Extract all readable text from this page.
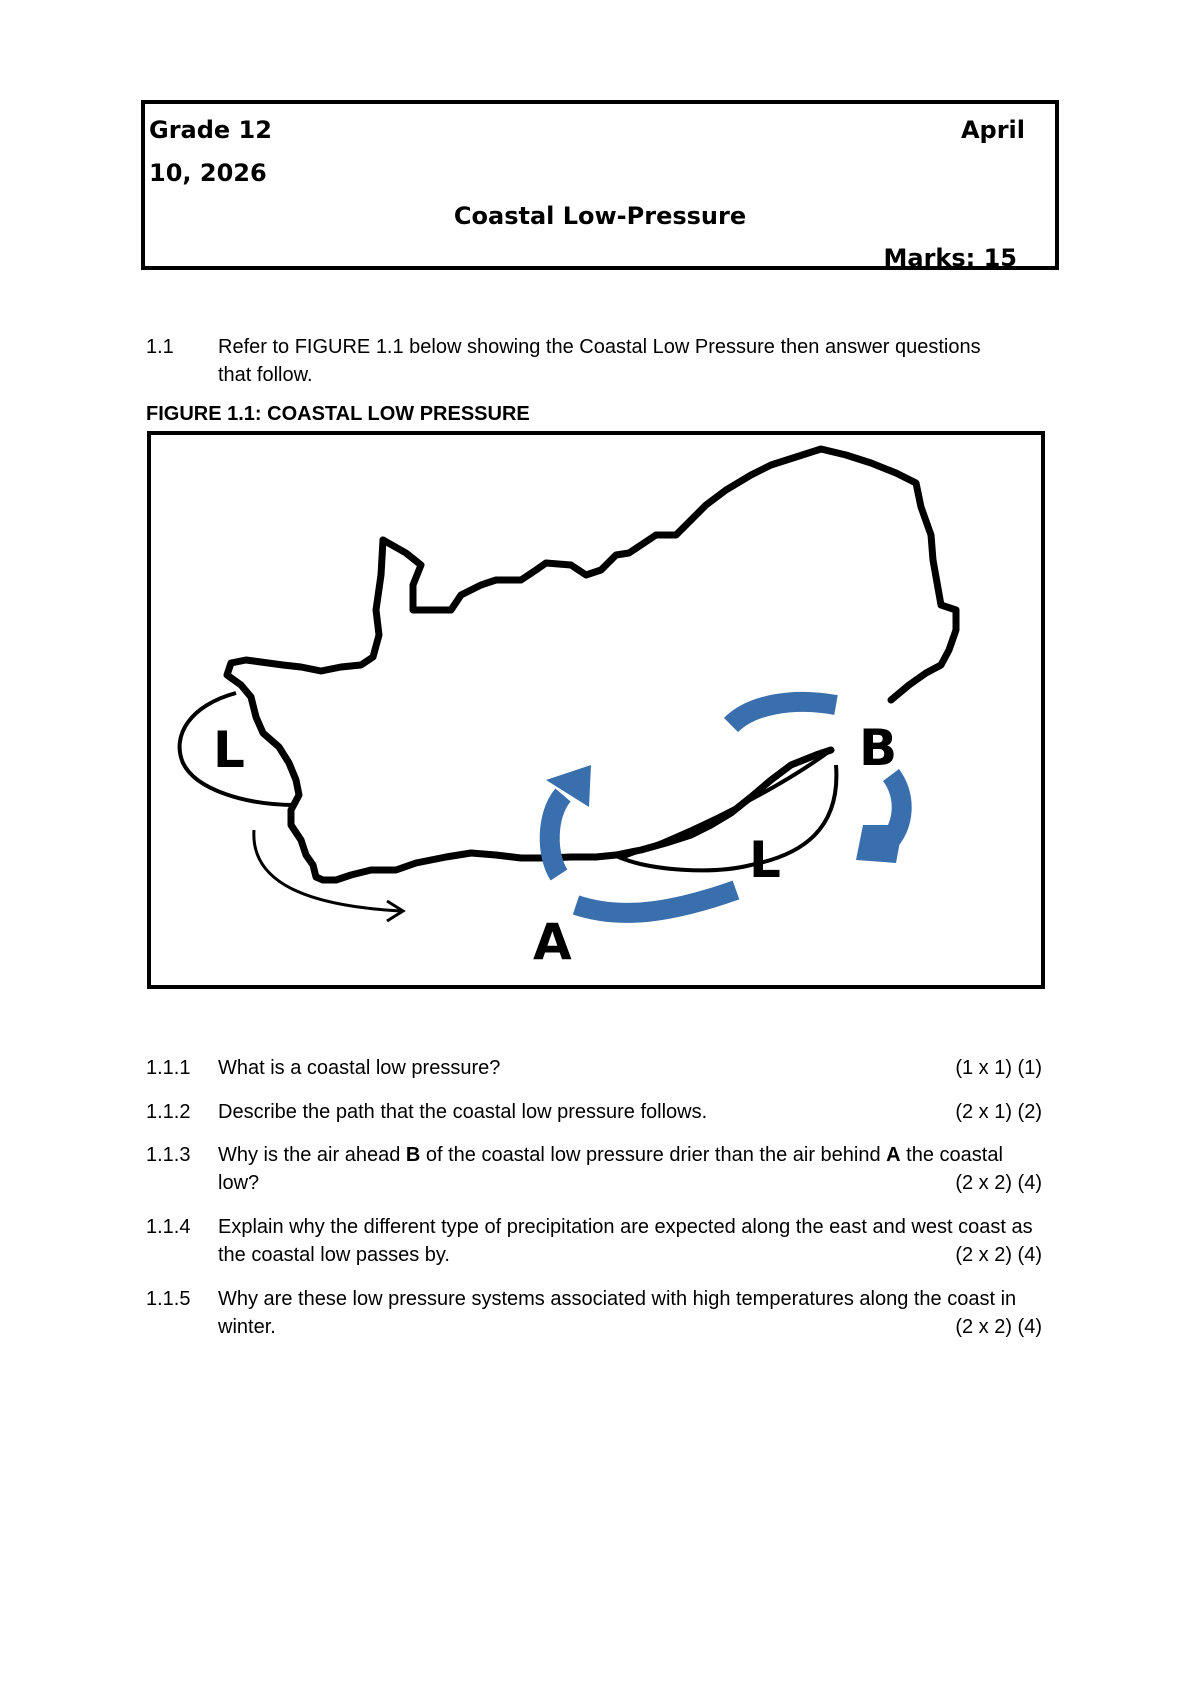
Grade 12	April
10, 2026
Coastal Low-Pressure
Marks: 15
1.1 Refer to FIGURE 1.1 below showing the Coastal Low Pressure then answer questions that follow.
FIGURE 1.1: COASTAL LOW PRESSURE
L
L
A
B
1.1.1 What is a coastal low pressure?	(1 x 1) (1)
1.1.2 Describe the path that the coastal low pressure follows.	(2 x 1) (2)
1.1.3 Why is the air ahead B of the coastal low pressure drier than the air behind A the coastal low?	(2 x 2) (4)
1.1.4 Explain why the different type of precipitation are expected along the east and west coast as the coastal low passes by.	(2 x 2) (4)
1.1.5 Why are these low pressure systems associated with high temperatures along the coast in winter.	(2 x 2) (4)
